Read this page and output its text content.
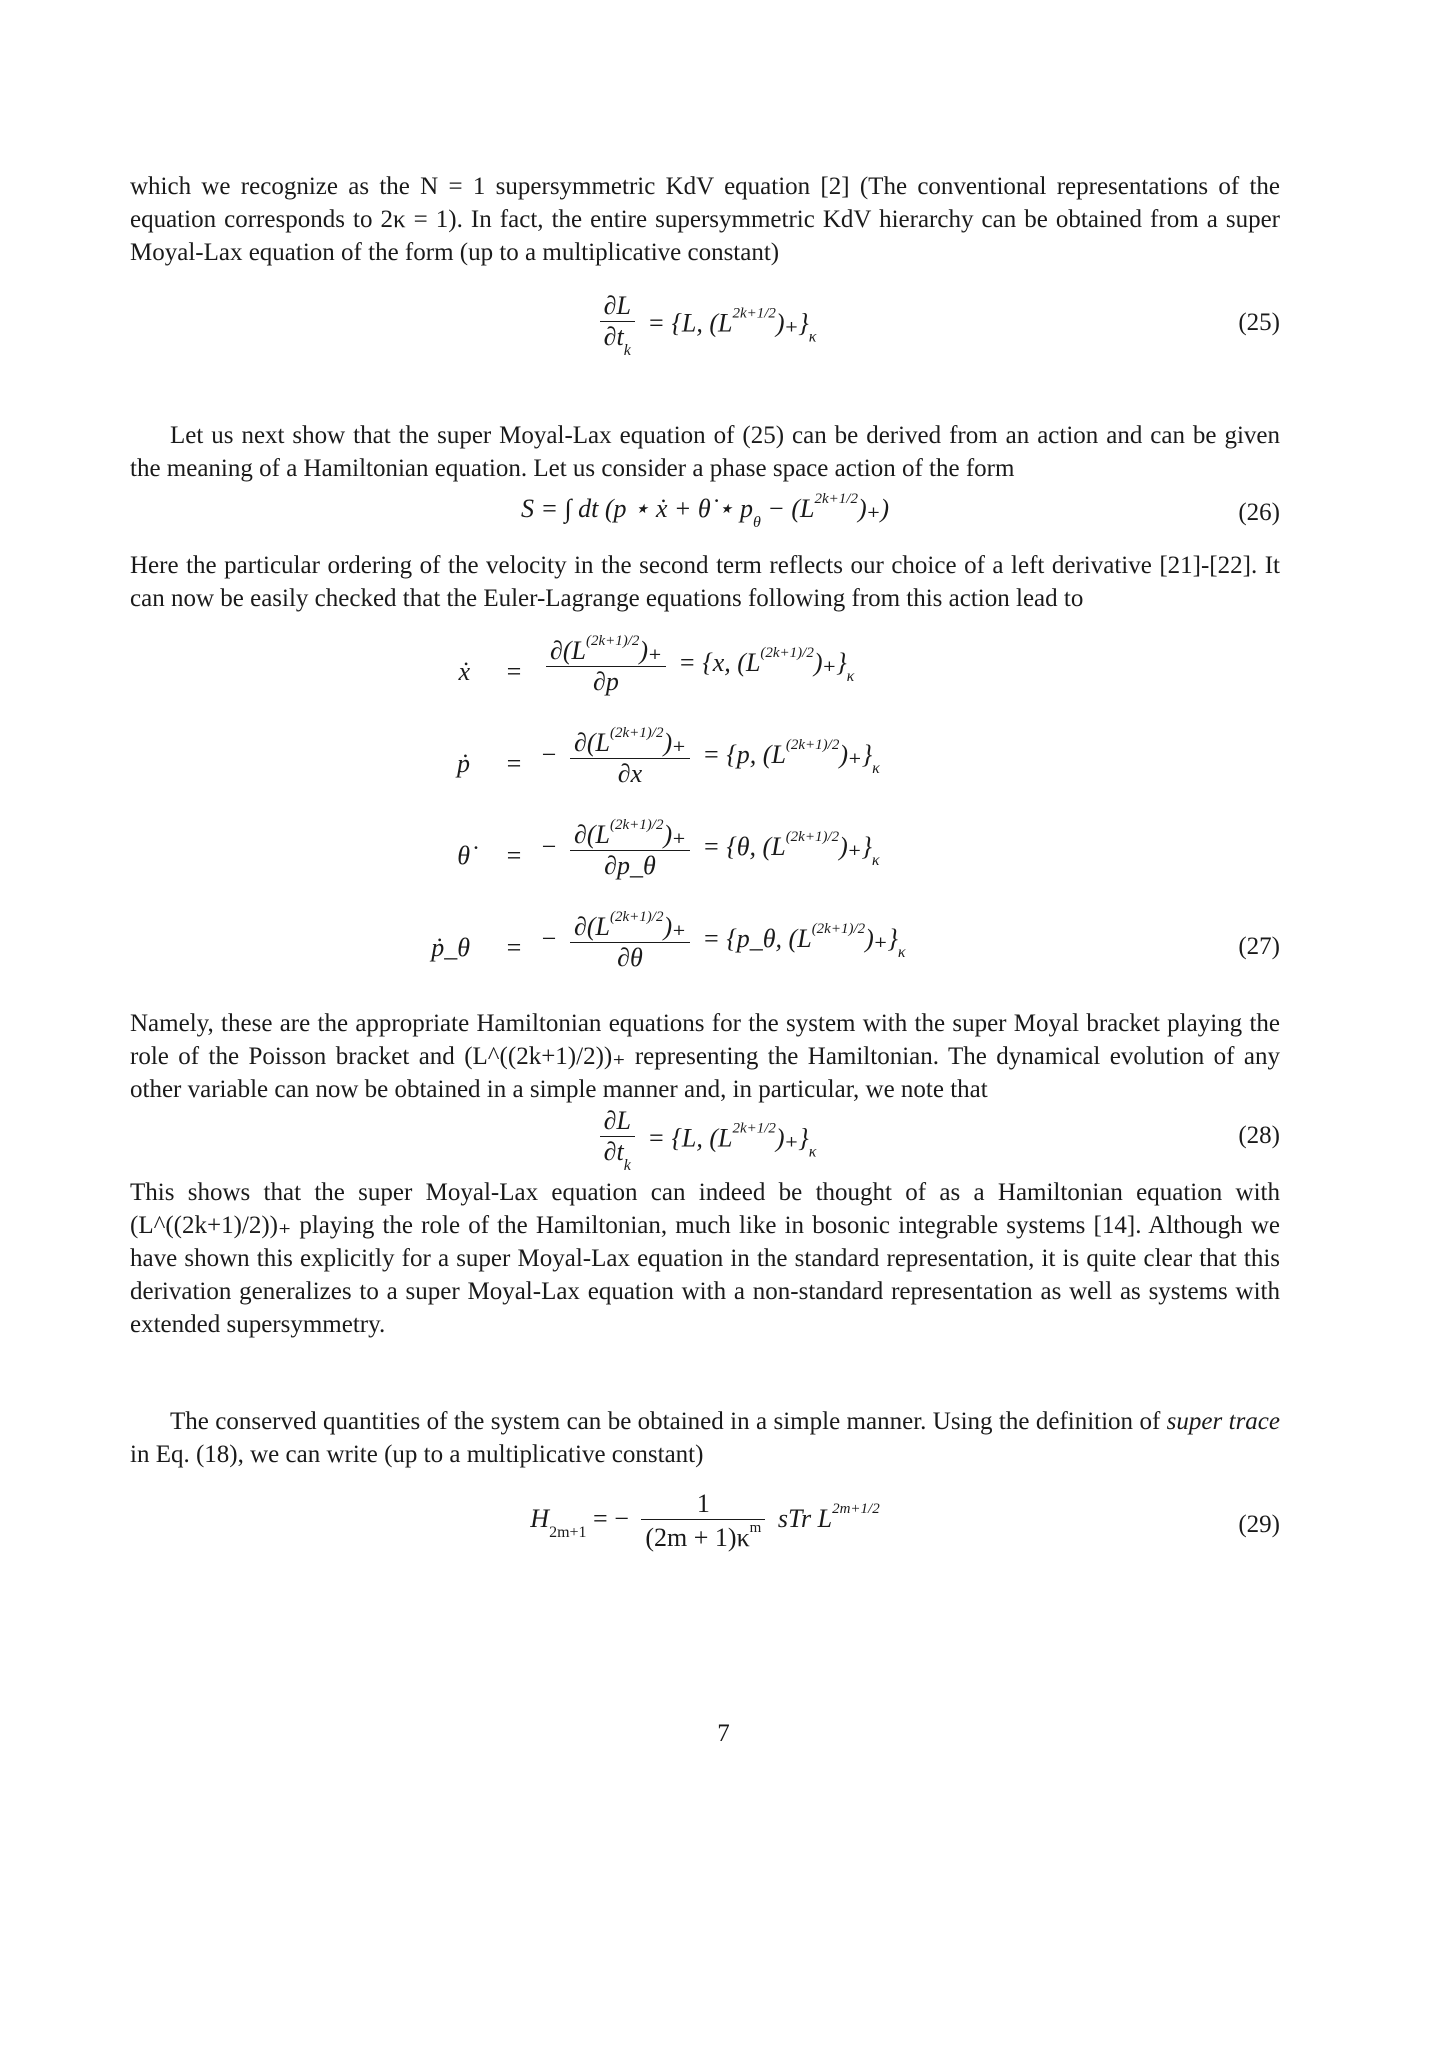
which we recognize as the N = 1 supersymmetric KdV equation [2] (The conventional representations of the equation corresponds to 2κ = 1). In fact, the entire supersymmetric KdV hierarchy can be obtained from a super Moyal-Lax equation of the form (up to a multiplicative constant)

$\frac{\partial L}{\partial t_k} = \{L$, $(L^{2k+1/2})_+\}_\kappa$
(25)

Let us next show that the super Moyal-Lax equation of (25) can be derived from an action and can be given the meaning of a Hamiltonian equation. Let us consider a phase space action of the form

S = ∫ dt (p ⋆ ẋ + θ̇ ⋆ $p_\theta - (L^{2k+1/2})_+$)	(26)

Here the particular ordering of the velocity in the second term reflects our choice of a left derivative [21]-[22]. It can now be easily checked that the Euler-Lagrange equations following from this action lead to

ẋ = $\frac{\partial(L^{(2k+1)/2})_+}{\partial p} = \{x$, $(L^{(2k+1)/2})_+\}_\kappa$
ṗ = − $\frac{\partial(L^{(2k+1)/2})_+}{\partial x} = \{p$, $(L^{(2k+1)/2})_+\}_\kappa$
θ̇ = − $\frac{\partial(L^{(2k+1)/2})_+}{\partial p\_\theta} = \{\theta$, $(L^{(2k+1)/2})_+\}_\kappa$
ṗ_θ = − $\frac{\partial(L^{(2k+1)/2})_+}{\partial\theta}$ = {p_θ, $(L^{(2k+1)/2})_+\}_\kappa$	(27)

Namely, these are the appropriate Hamiltonian equations for the system with the super Moyal bracket playing the role of the Poisson bracket and (L^((2k+1)/2))₊ representing the Hamiltonian. The dynamical evolution of any other variable can now be obtained in a simple manner and, in particular, we note that

$\frac{\partial L}{\partial t_k} = \{L$, $(L^{2k+1/2})_+\}_\kappa$
(28)

This shows that the super Moyal-Lax equation can indeed be thought of as a Hamiltonian equation with (L^((2k+1)/2))₊ playing the role of the Hamiltonian, much like in bosonic integrable systems [14]. Although we have shown this explicitly for a super Moyal-Lax equation in the standard representation, it is quite clear that this derivation generalizes to a super Moyal-Lax equation with a non-standard representation as well as systems with extended supersymmetry.

The conserved quantities of the system can be obtained in a simple manner. Using the definition of super trace in Eq. (18), we can write (up to a multiplicative constant)

$H_{2m+1}$ = − $\frac{1}{(2m + 1)\kappa^m}$ sTr $L^{2m+1/2}$
(29)
7
